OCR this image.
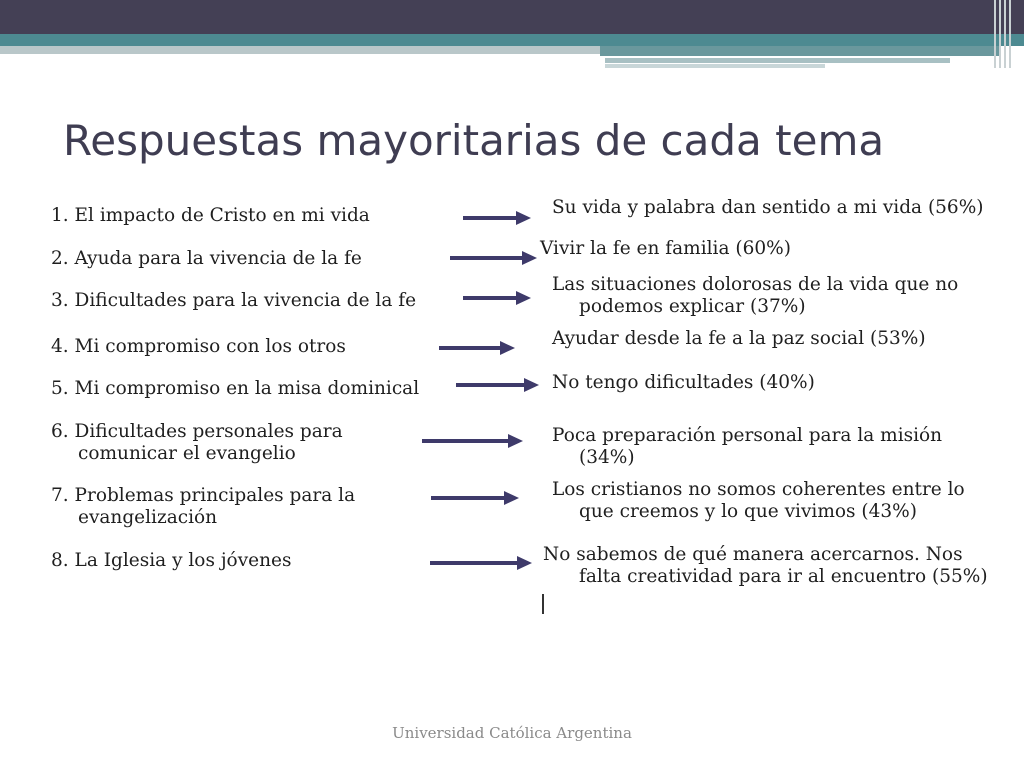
Respuestas mayoritarias de cada tema
1. El impacto de Cristo en mi vida
2. Ayuda para la vivencia de la fe
3. Dificultades para la vivencia de la fe
4. Mi compromiso con los otros
5. Mi compromiso en la misa dominical
6. Dificultades personales para
comunicar el evangelio
7. Problemas principales para la
evangelización
8. La Iglesia y los jóvenes
Su vida y palabra dan sentido a mi vida (56%)
Vivir la fe en familia (60%)
Las situaciones dolorosas de la vida que no
podemos explicar (37%)
Ayudar desde la fe a la paz social (53%)
No tengo dificultades (40%)
Poca preparación personal para la misión
(34%)
Los cristianos no somos coherentes entre lo
que creemos y lo que vivimos (43%)
No sabemos de qué manera acercarnos. Nos
falta creatividad para ir al encuentro (55%)
Universidad Católica Argentina
